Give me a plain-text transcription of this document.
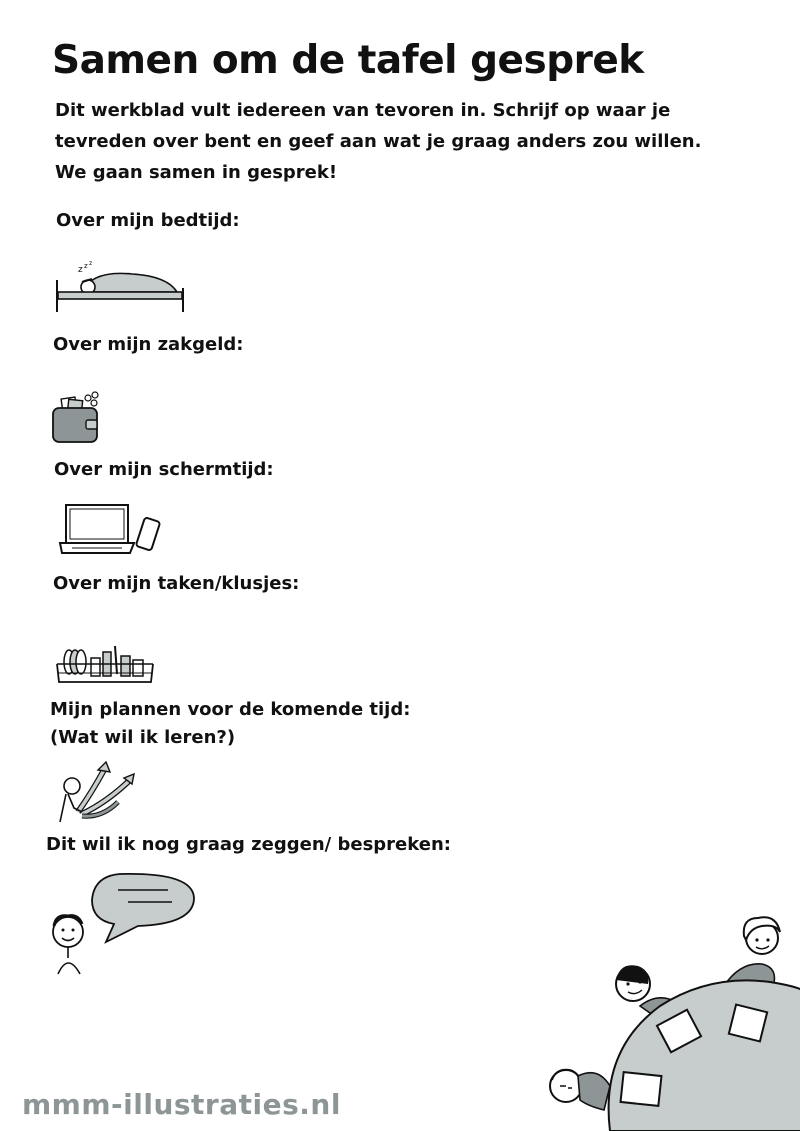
Samen om de tafel gesprek
Dit werkblad vult iedereen van tevoren in. Schrijf op waar je
tevreden over bent en geef aan wat je graag anders zou willen.
We gaan samen in gesprek!
Over mijn bedtijd:
z z z
Over mijn zakgeld:
Over mijn schermtijd:
Over mijn taken/klusjes:
Mijn plannen voor de komende tijd:
(Wat wil ik leren?)
Dit wil ik nog graag zeggen/ bespreken:
mmm-illustraties.nl
